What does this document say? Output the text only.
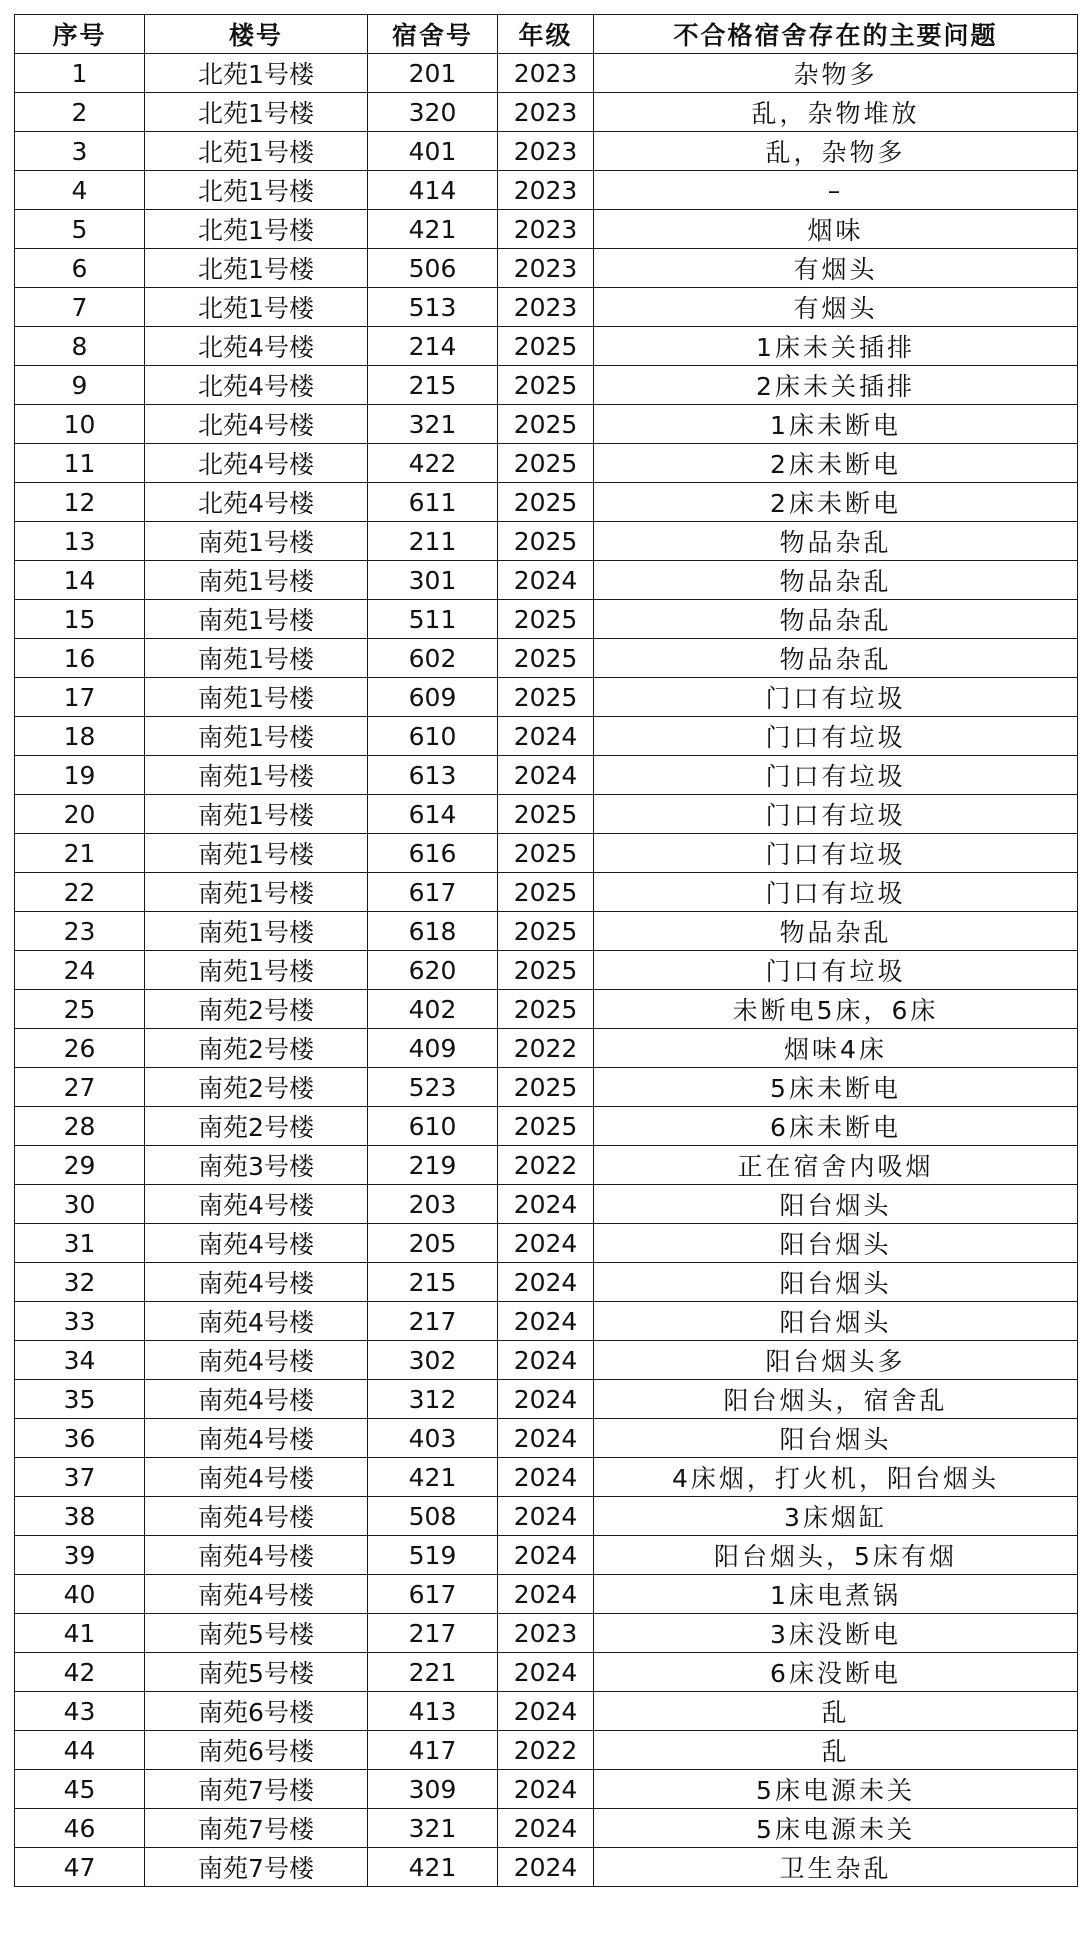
序号	楼号	宿舍号	年级	不合格宿舍存在的主要问题
1	北苑1号楼	201	2023	杂物多
2	北苑1号楼	320	2023	乱，杂物堆放
3	北苑1号楼	401	2023	乱，杂物多
4	北苑1号楼	414	2023	–
5	北苑1号楼	421	2023	烟味
6	北苑1号楼	506	2023	有烟头
7	北苑1号楼	513	2023	有烟头
8	北苑4号楼	214	2025	1床未关插排
9	北苑4号楼	215	2025	2床未关插排
10	北苑4号楼	321	2025	1床未断电
11	北苑4号楼	422	2025	2床未断电
12	北苑4号楼	611	2025	2床未断电
13	南苑1号楼	211	2025	物品杂乱
14	南苑1号楼	301	2024	物品杂乱
15	南苑1号楼	511	2025	物品杂乱
16	南苑1号楼	602	2025	物品杂乱
17	南苑1号楼	609	2025	门口有垃圾
18	南苑1号楼	610	2024	门口有垃圾
19	南苑1号楼	613	2024	门口有垃圾
20	南苑1号楼	614	2025	门口有垃圾
21	南苑1号楼	616	2025	门口有垃圾
22	南苑1号楼	617	2025	门口有垃圾
23	南苑1号楼	618	2025	物品杂乱
24	南苑1号楼	620	2025	门口有垃圾
25	南苑2号楼	402	2025	未断电5床，6床
26	南苑2号楼	409	2022	烟味4床
27	南苑2号楼	523	2025	5床未断电
28	南苑2号楼	610	2025	6床未断电
29	南苑3号楼	219	2022	正在宿舍内吸烟
30	南苑4号楼	203	2024	阳台烟头
31	南苑4号楼	205	2024	阳台烟头
32	南苑4号楼	215	2024	阳台烟头
33	南苑4号楼	217	2024	阳台烟头
34	南苑4号楼	302	2024	阳台烟头多
35	南苑4号楼	312	2024	阳台烟头，宿舍乱
36	南苑4号楼	403	2024	阳台烟头
37	南苑4号楼	421	2024	4床烟，打火机，阳台烟头
38	南苑4号楼	508	2024	3床烟缸
39	南苑4号楼	519	2024	阳台烟头，5床有烟
40	南苑4号楼	617	2024	1床电煮锅
41	南苑5号楼	217	2023	3床没断电
42	南苑5号楼	221	2024	6床没断电
43	南苑6号楼	413	2024	乱
44	南苑6号楼	417	2022	乱
45	南苑7号楼	309	2024	5床电源未关
46	南苑7号楼	321	2024	5床电源未关
47	南苑7号楼	421	2024	卫生杂乱
